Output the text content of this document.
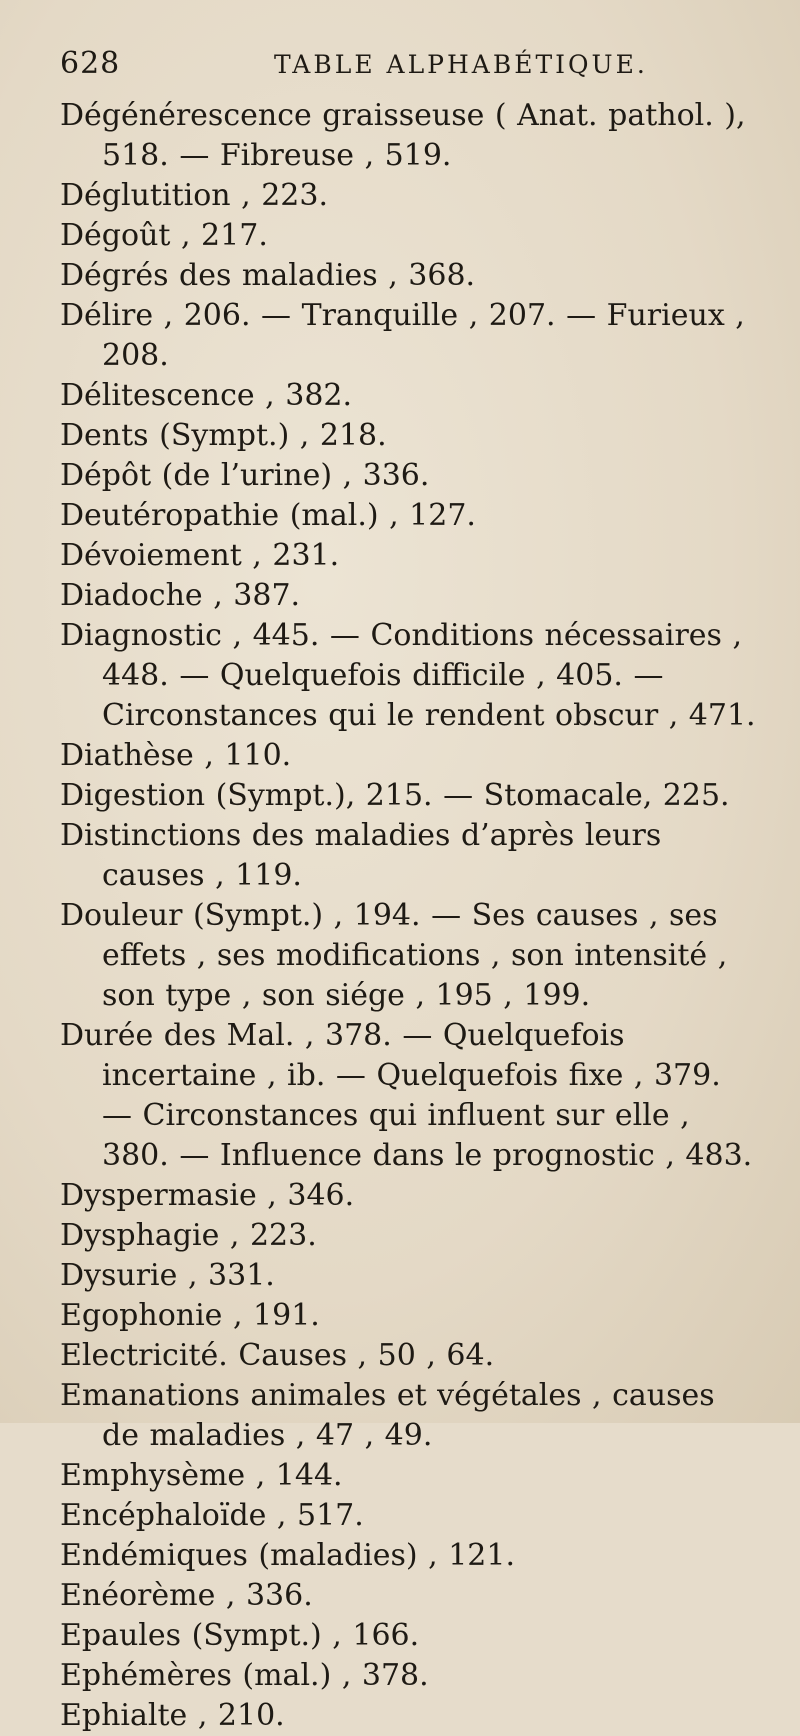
628	TABLE ALPHABÉTIQUE.
Dégénérescence graisseuse ( Anat. pathol. ), 518. — Fibreuse , 519.
Déglutition , 223.
Dégoût , 217.
Dégrés des maladies , 368.
Délire , 206. — Tranquille , 207. — Furieux , 208.
Délitescence , 382.
Dents (Sympt.) , 218.
Dépôt (de l’urine) , 336.
Deutéropathie (mal.) , 127.
Dévoiement , 231.
Diadoche , 387.
Diagnostic , 445. — Conditions nécessaires , 448. — Quelquefois difficile , 405. — Circonstances qui le rendent obscur , 471.
Diathèse , 110.
Digestion (Sympt.), 215. — Stomacale, 225.
Distinctions des maladies d’après leurs causes , 119.
Douleur (Sympt.) , 194. — Ses causes , ses effets , ses modifications , son intensité , son type , son siége , 195 , 199.
Durée des Mal. , 378. — Quelquefois incertaine , ib. — Quelquefois fixe , 379. — Circonstances qui influent sur elle , 380. — Influence dans le prognostic , 483.
Dyspermasie , 346.
Dysphagie , 223.
Dysurie , 331.
Egophonie , 191.
Electricité. Causes , 50 , 64.
Emanations animales et végétales , causes de maladies , 47 , 49.
Emphysème , 144.
Encéphaloïde , 517.
Endémiques (maladies) , 121.
Enéorème , 336.
Epaules (Sympt.) , 166.
Ephémères (mal.) , 378.
Ephialte , 210.
